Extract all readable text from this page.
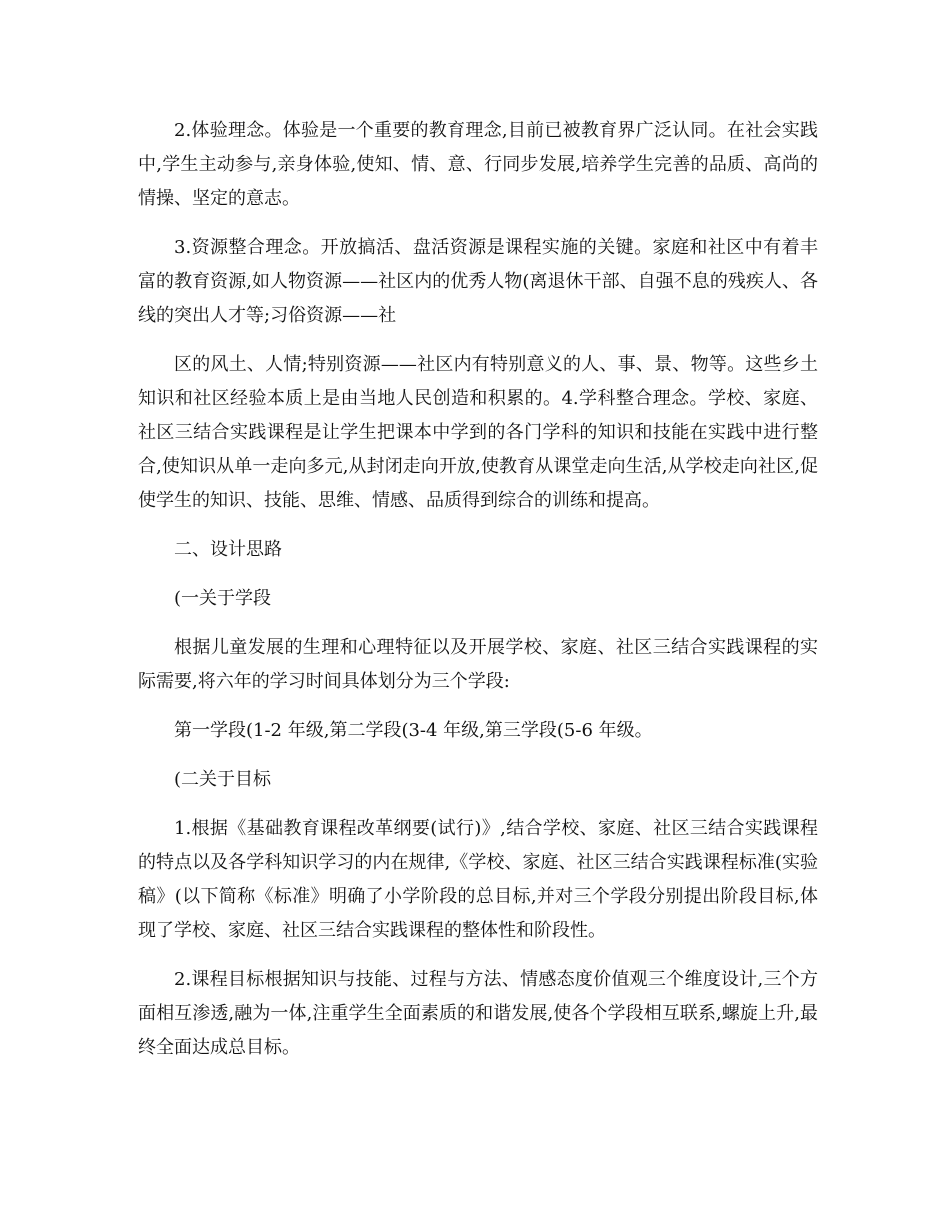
2.体验理念。体验是一个重要的教育理念,目前已被教育界广泛认同。在社会实践中,学生主动参与,亲身体验,使知、情、意、行同步发展,培养学生完善的品质、高尚的情操、坚定的意志。

3.资源整合理念。开放搞活、盘活资源是课程实施的关键。家庭和社区中有着丰富的教育资源,如人物资源——社区内的优秀人物(离退休干部、自强不息的残疾人、各线的突出人才等;习俗资源——社

区的风土、人情;特别资源——社区内有特别意义的人、事、景、物等。这些乡土知识和社区经验本质上是由当地人民创造和积累的。4.学科整合理念。学校、家庭、社区三结合实践课程是让学生把课本中学到的各门学科的知识和技能在实践中进行整合,使知识从单一走向多元,从封闭走向开放,使教育从课堂走向生活,从学校走向社区,促使学生的知识、技能、思维、情感、品质得到综合的训练和提高。

二、设计思路

(一关于学段

根据儿童发展的生理和心理特征以及开展学校、家庭、社区三结合实践课程的实际需要,将六年的学习时间具体划分为三个学段:

第一学段(1-2 年级,第二学段(3-4 年级,第三学段(5-6 年级。

(二关于目标

1.根据《基础教育课程改革纲要(试行)》,结合学校、家庭、社区三结合实践课程的特点以及各学科知识学习的内在规律,《学校、家庭、社区三结合实践课程标准(实验稿》(以下简称《标准》明确了小学阶段的总目标,并对三个学段分别提出阶段目标,体现了学校、家庭、社区三结合实践课程的整体性和阶段性。

2.课程目标根据知识与技能、过程与方法、情感态度价值观三个维度设计,三个方面相互渗透,融为一体,注重学生全面素质的和谐发展,使各个学段相互联系,螺旋上升,最终全面达成总目标。
